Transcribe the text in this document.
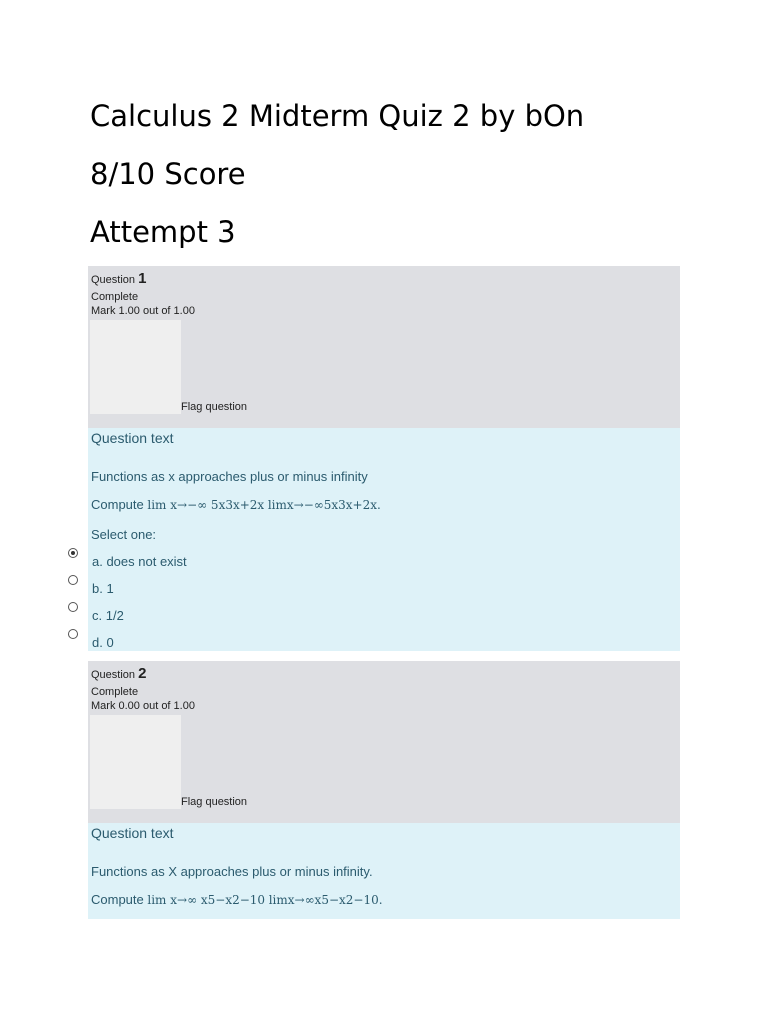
Calculus 2 Midterm Quiz 2 by bOn
8/10 Score
Attempt 3
Question 1
Complete
Mark 1.00 out of 1.00
Flag question
Question text
Functions as x approaches plus or minus infinity
Compute lim x→−∞ 5x3x+2x limx→−∞5x3x+2x.
Select one:
a. does not exist
b. 1
c. 1/2
d. 0
Question 2
Complete
Mark 0.00 out of 1.00
Flag question
Question text
Functions as X approaches plus or minus infinity.
Compute lim x→∞ x5−x2−10 limx→∞x5−x2−10.
